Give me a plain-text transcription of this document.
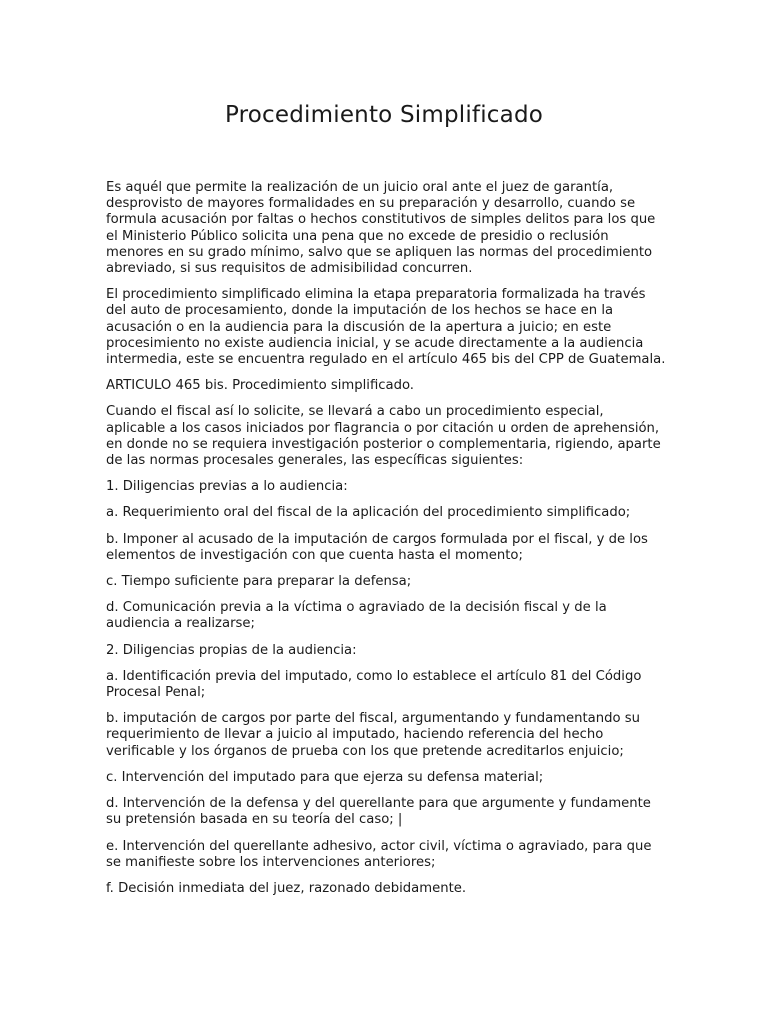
Procedimiento Simplificado

Es aquél que permite la realización de un juicio oral ante el juez de garantía, desprovisto de mayores formalidades en su preparación y desarrollo, cuando se formula acusación por faltas o hechos constitutivos de simples delitos para los que el Ministerio Público solicita una pena que no excede de presidio o reclusión menores en su grado mínimo, salvo que se apliquen las normas del procedimiento abreviado, si sus requisitos de admisibilidad concurren.

El procedimiento simplificado elimina la etapa preparatoria formalizada ha través del auto de procesamiento, donde la imputación de los hechos se hace en la acusación o en la audiencia para la discusión de la apertura a juicio; en este procesimiento no existe audiencia inicial, y se acude directamente a la audiencia intermedia, este se encuentra regulado en el artículo 465 bis del CPP de Guatemala.

ARTICULO 465 bis. Procedimiento simplificado.

Cuando el fiscal así lo solicite, se llevará a cabo un procedimiento especial, aplicable a los casos iniciados por flagrancia o por citación u orden de aprehensión, en donde no se requiera investigación posterior o complementaria, rigiendo, aparte de las normas procesales generales, las específicas siguientes:

1. Diligencias previas a lo audiencia:

a. Requerimiento oral del fiscal de la aplicación del procedimiento simplificado;

b. Imponer al acusado de la imputación de cargos formulada por el fiscal, y de los elementos de investigación con que cuenta hasta el momento;

c. Tiempo suficiente para preparar la defensa;

d. Comunicación previa a la víctima o agraviado de la decisión fiscal y de la audiencia a realizarse;

2. Diligencias propias de la audiencia:

a. Identificación previa del imputado, como lo establece el artículo 81 del Código Procesal Penal;

b. imputación de cargos por parte del fiscal, argumentando y fundamentando su requerimiento de llevar a juicio al imputado, haciendo referencia del hecho verificable y los órganos de prueba con los que pretende acreditarlos enjuicio;

c. Intervención del imputado para que ejerza su defensa material;

d. Intervención de la defensa y del querellante para que argumente y fundamente su pretensión basada en su teoría del caso; |

e. Intervención del querellante adhesivo, actor civil, víctima o agraviado, para que se manifieste sobre los intervenciones anteriores;

f. Decisión inmediata del juez, razonado debidamente.
